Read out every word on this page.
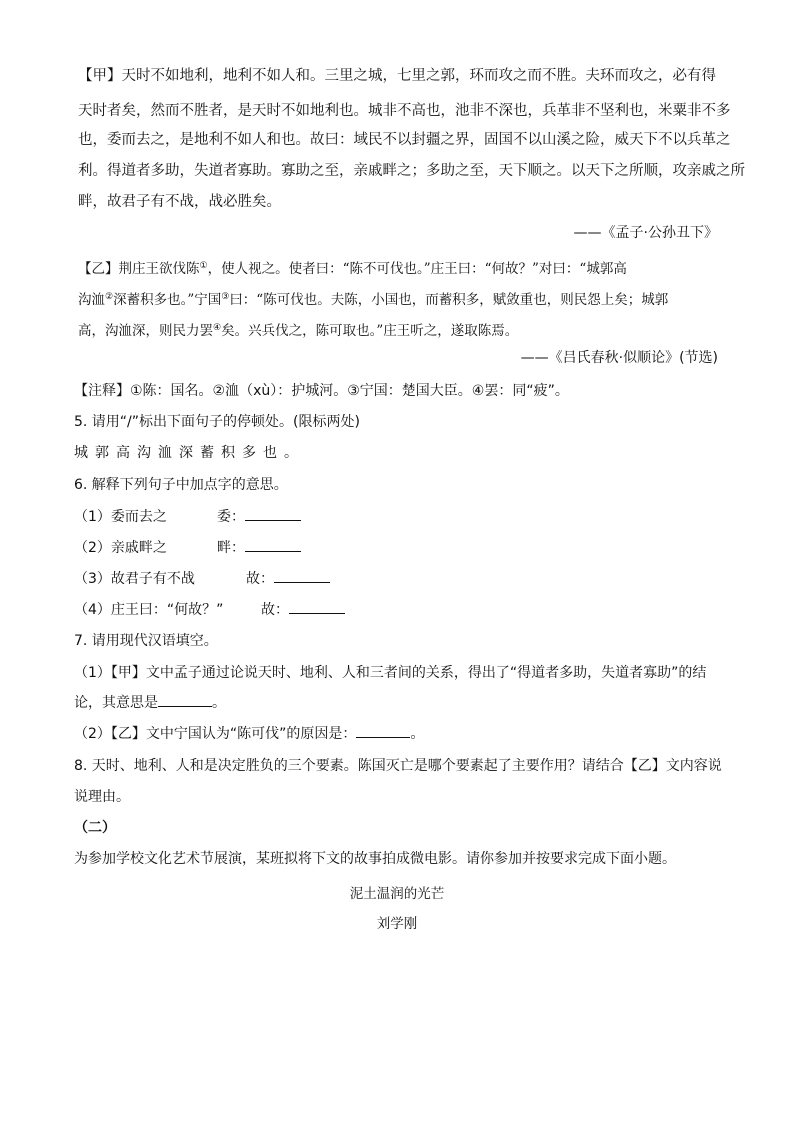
【甲】天时不如地利，地利不如人和。三里之城，七里之郭，环而攻之而不胜。夫环而攻之，必有得
天时者矣，然而不胜者，是天时不如地利也。城非不高也，池非不深也，兵革非不坚利也，米粟非不多
也，委而去之，是地利不如人和也。故曰：域民不以封疆之界，固国不以山溪之险，威天下不以兵革之
利。得道者多助，失道者寡助。寡助之至，亲戚畔之；多助之至，天下顺之。以天下之所顺，攻亲戚之所
畔，故君子有不战，战必胜矣。
——《孟子·公孙丑下》
【乙】荆庄王欲伐陈①，使人视之。使者曰：“陈不可伐也。”庄王曰：“何故？”对曰：“城郭高
沟洫②深蓄积多也。”宁国③曰：“陈可伐也。夫陈，小国也，而蓄积多，赋敛重也，则民怨上矣；城郭
高，沟洫深，则民力罢④矣。兴兵伐之，陈可取也。”庄王听之，遂取陈焉。
——《吕氏春秋·似顺论》(节选)
【注释】①陈：国名。②洫（xù）：护城河。③宁国：楚国大臣。④罢：同“疲”。
5. 请用“/”标出下面句子的停顿处。(限标两处)
城郭高沟洫深蓄积多也。
6. 解释下列句子中加点字的意思。
（1）委而去之	委：
（2）亲戚畔之	畔：
（3）故君子有不战	故：
（4）庄王曰：“何故？”	故：
7. 请用现代汉语填空。
（1）【甲】文中孟子通过论说天时、地利、人和三者间的关系，得出了“得道者多助，失道者寡助”的结
论，其意思是	。
（2）【乙】文中宁国认为“陈可伐”的原因是：	。
8. 天时、地利、人和是决定胜负的三个要素。陈国灭亡是哪个要素起了主要作用？请结合【乙】文内容说
说理由。
（二）
为参加学校文化艺术节展演，某班拟将下文的故事拍成微电影。请你参加并按要求完成下面小题。
泥土温润的光芒
刘学刚
